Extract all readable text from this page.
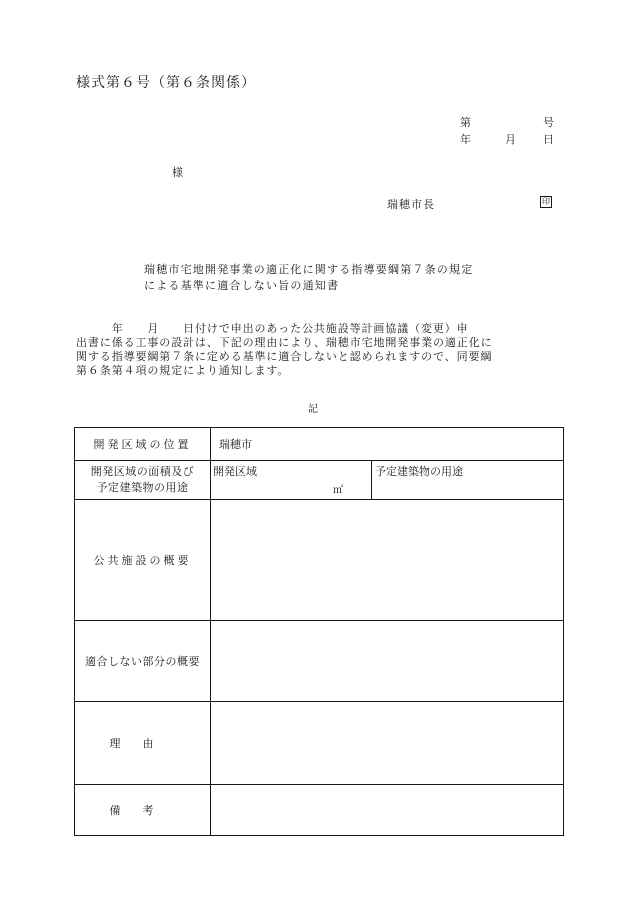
様式第６号（第６条関係）
第	号
年	月 日
様
瑞穂市長	印
瑞穂市宅地開発事業の適正化に関する指導要綱第７条の規定
による基準に適合しない旨の通知書
　　　年　　月　　日付けで申出のあった公共施設等計画協議（変更）申
出書に係る工事の設計は、下記の理由により、瑞穂市宅地開発事業の適正化に
関する指導要綱第７条に定める基準に適合しないと認められますので、同要綱
第６条第４項の規定により通知します。
記
開発区域の位置	瑞穂市	

開発区域の面積及び
予定建築物の用途	開発区域
㎡	予定建築物の用途
公共施設の概要		
適合しない部分の概要		
理由		
備考		
